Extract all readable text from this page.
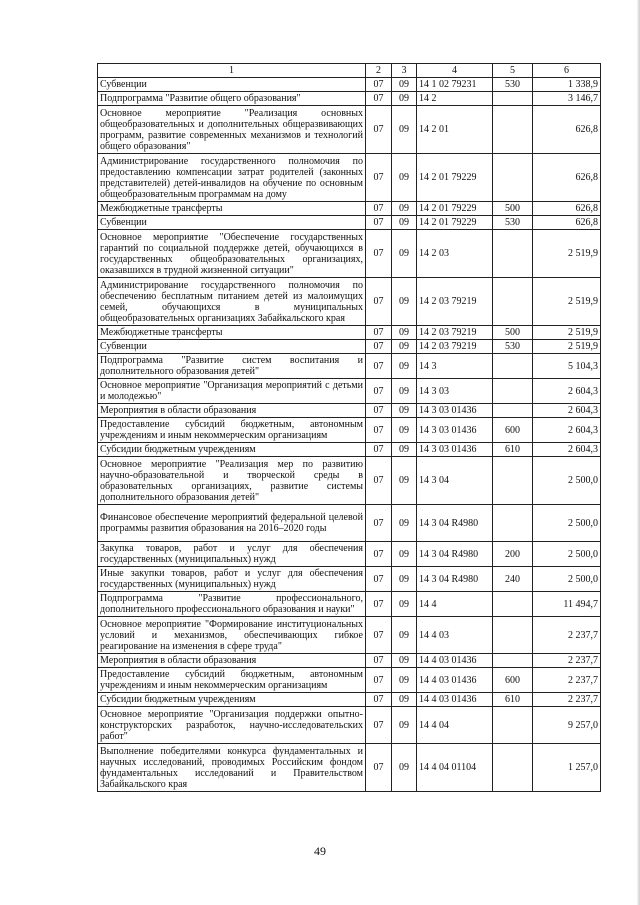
1	2	3	4	5	6
Субвенции	07	09	14 1 02 79231	530	1 338,9
Подпрограмма "Развитие общего образования"	07	09	14 2		3 146,7
Основное мероприятие "Реализация основных общеобразовательных и дополнительных общеразвивающих программ, развитие современных механизмов и технологий общего образования"	07	09	14 2 01		626,8
Администрирование государственного полномочия по предоставлению компенсации затрат родителей (законных представителей) детей-инвалидов на обучение по основным общеобразовательным программам на дому	07	09	14 2 01 79229		626,8
Межбюджетные трансферты	07	09	14 2 01 79229	500	626,8
Субвенции	07	09	14 2 01 79229	530	626,8
Основное мероприятие "Обеспечение государственных гарантий по социальной поддержке детей, обучающихся в государственных общеобразовательных организациях, оказавшихся в трудной жизненной ситуации"	07	09	14 2 03		2 519,9
Администрирование государственного полномочия по обеспечению бесплатным питанием детей из малоимущих семей, обучающихся в муниципальных общеобразовательных организациях Забайкальского края	07	09	14 2 03 79219		2 519,9
Межбюджетные трансферты	07	09	14 2 03 79219	500	2 519,9
Субвенции	07	09	14 2 03 79219	530	2 519,9
Подпрограмма "Развитие систем воспитания и дополнительного образования детей"	07	09	14 3		5 104,3
Основное мероприятие "Организация мероприятий с детьми и молодежью"	07	09	14 3 03		2 604,3
Мероприятия в области образования	07	09	14 3 03 01436		2 604,3
Предоставление субсидий бюджетным, автономным учреждениям и иным некоммерческим организациям	07	09	14 3 03 01436	600	2 604,3
Субсидии бюджетным учреждениям	07	09	14 3 03 01436	610	2 604,3
Основное мероприятие "Реализация мер по развитию научно-образовательной и творческой среды в образовательных организациях, развитие системы дополнительного образования детей"	07	09	14 3 04		2 500,0
Финансовое обеспечение мероприятий федеральной целевой программы развития образования на 2016–2020 годы	07	09	14 3 04 R4980		2 500,0
Закупка товаров, работ и услуг для обеспечения государственных (муниципальных) нужд	07	09	14 3 04 R4980	200	2 500,0
Иные закупки товаров, работ и услуг для обеспечения государственных (муниципальных) нужд	07	09	14 3 04 R4980	240	2 500,0
Подпрограмма "Развитие профессионального, дополнительного профессионального образования и науки"	07	09	14 4		11 494,7
Основное мероприятие "Формирование институциональных условий и механизмов, обеспечивающих гибкое реагирование на изменения в сфере труда"	07	09	14 4 03		2 237,7
Мероприятия в области образования	07	09	14 4 03 01436		2 237,7
Предоставление субсидий бюджетным, автономным учреждениям и иным некоммерческим организациям	07	09	14 4 03 01436	600	2 237,7
Субсидии бюджетным учреждениям	07	09	14 4 03 01436	610	2 237,7
Основное мероприятие "Организация поддержки опытно-конструкторских разработок, научно-исследовательских работ"	07	09	14 4 04		9 257,0
Выполнение победителями конкурса фундаментальных и научных исследований, проводимых Российским фондом фундаментальных исследований и Правительством Забайкальского края	07	09	14 4 04 01104		1 257,0
49
